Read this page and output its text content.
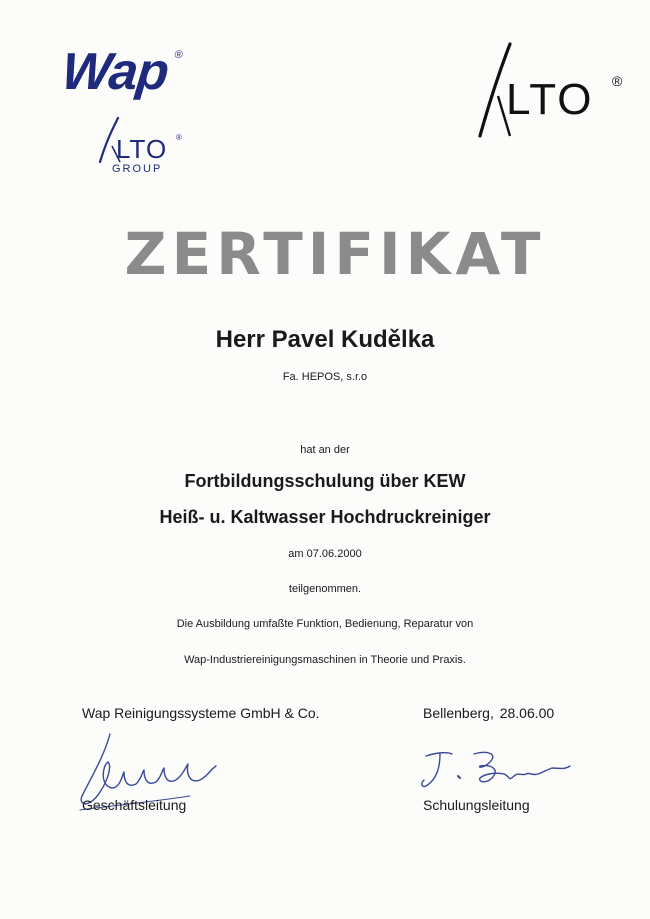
Wap ®
LTO ®
GROUP
LTO ®
ZERTIFIKAT
Herr Pavel Kudělka
Fa. HEPOS, s.r.o
hat an der
Fortbildungsschulung über KEW
Heiß- u. Kaltwasser Hochdruckreiniger
am 07.06.2000
teilgenommen.
Die Ausbildung umfaßte Funktion, Bedienung, Reparatur von
Wap-Industriereinigungsmaschinen in Theorie und Praxis.
Wap Reinigungssysteme GmbH & Co.	Bellenberg, 28.06.00
Geschäftsleitung	Schulungsleitung
